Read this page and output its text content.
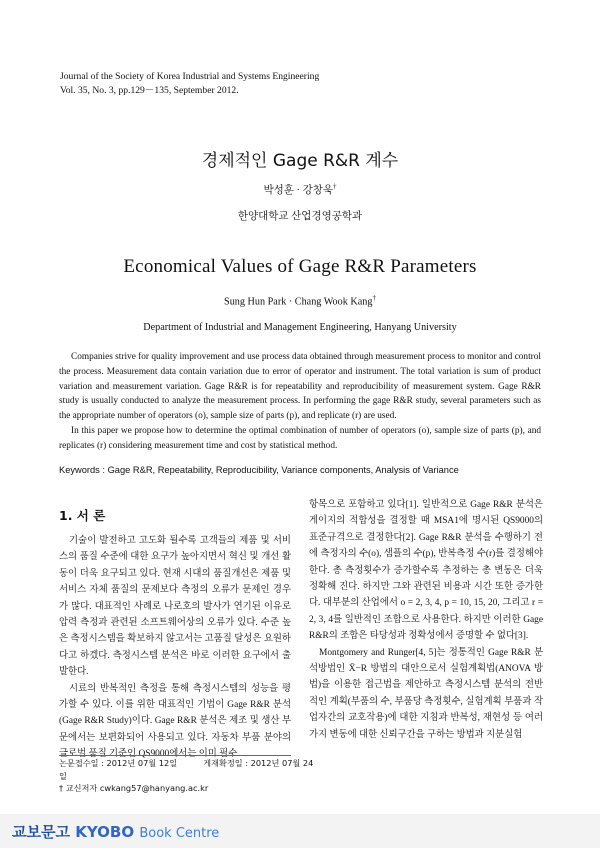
Journal of the Society of Korea Industrial and Systems Engineering
Vol. 35, No. 3, pp.129－135, September 2012.
경제적인 Gage R&R 계수
박성훈 · 강창욱†
한양대학교 산업경영공학과
Economical Values of Gage R&R Parameters
Sung Hun Park · Chang Wook Kang†
Department of Industrial and Management Engineering, Hanyang University

Companies strive for quality improvement and use process data obtained through measurement process to monitor and control the process. Measurement data contain variation due to error of operator and instrument. The total variation is sum of product variation and measurement variation. Gage R&R is for repeatability and reproducibility of measurement system. Gage R&R study is usually conducted to analyze the measurement process. In performing the gage R&R study, several parameters such as the appropriate number of operators (o), sample size of parts (p), and replicate (r) are used.

In this paper we propose how to determine the optimal combination of number of operators (o), sample size of parts (p), and replicates (r) considering measurement time and cost by statistical method.

Keywords : Gage R&R, Repeatability, Reproducibility, Variance components, Analysis of Variance
1. 서 론

기술이 발전하고 고도화 될수록 고객들의 제품 및 서비스의 품질 수준에 대한 요구가 높아지면서 혁신 및 개선 활동이 더욱 요구되고 있다. 현재 시대의 품질개선은 제품 및 서비스 자체 품질의 문제보다 측정의 오류가 문제인 경우가 많다. 대표적인 사례로 나로호의 발사가 연기된 이유로 압력 측정과 관련된 소프트웨어상의 오류가 있다. 수준 높은 측정시스템을 확보하지 않고서는 고품질 달성은 요원하다고 하겠다. 측정시스템 분석은 바로 이러한 요구에서 출발한다.

시료의 반복적인 측정을 통해 측정시스템의 성능을 평가할 수 있다. 이를 위한 대표적인 기법이 Gage R&R 분석(Gage R&R Study)이다. Gage R&R 분석은 제조 및 생산 부문에서는 보편화되어 사용되고 있다. 자동차 부품 분야의 글로벌 품질 기준인 QS9000에서는 이미 필수

항목으로 포함하고 있다[1]. 일반적으로 Gage R&R 분석은 게이지의 적합성을 결정할 때 MSA1에 명시된 QS9000의 표준규격으로 결정한다[2]. Gage R&R 분석을 수행하기 전에 측정자의 수(o), 샘플의 수(p), 반복측정 수(r)를 결정해야 한다. 총 측정횟수가 증가할수록 추정하는 총 변동은 더욱 정확해 진다. 하지만 그와 관련된 비용과 시간 또한 증가한다. 대부분의 산업에서 o = 2, 3, 4, p = 10, 15, 20, 그리고 r = 2, 3, 4를 일반적인 조합으로 사용한다. 하지만 이러한 Gage R&R의 조합은 타당성과 정확성에서 증명할 수 없다[3].

Montgomery and Runger[4, 5]는 정통적인 Gage R&R 분석방법인 X̄−R 방법의 대안으로서 실험계획법(ANOVA 방법)을 이용한 접근법을 제안하고 측정시스템 분석의 전반적인 계획(부품의 수, 부품당 측정횟수, 실험계획 부품과 작업자간의 교호작용)에 대한 지침과 반복성, 재현성 등 여러 가지 변동에 대한 신뢰구간을 구하는 방법과 지분실험

논문접수일 : 2012년 07월 12일	게재확정일 : 2012년 07월 24일
† 교신저자 cwkang57@hanyang.ac.kr
교보문고 KYOBO Book Centre
